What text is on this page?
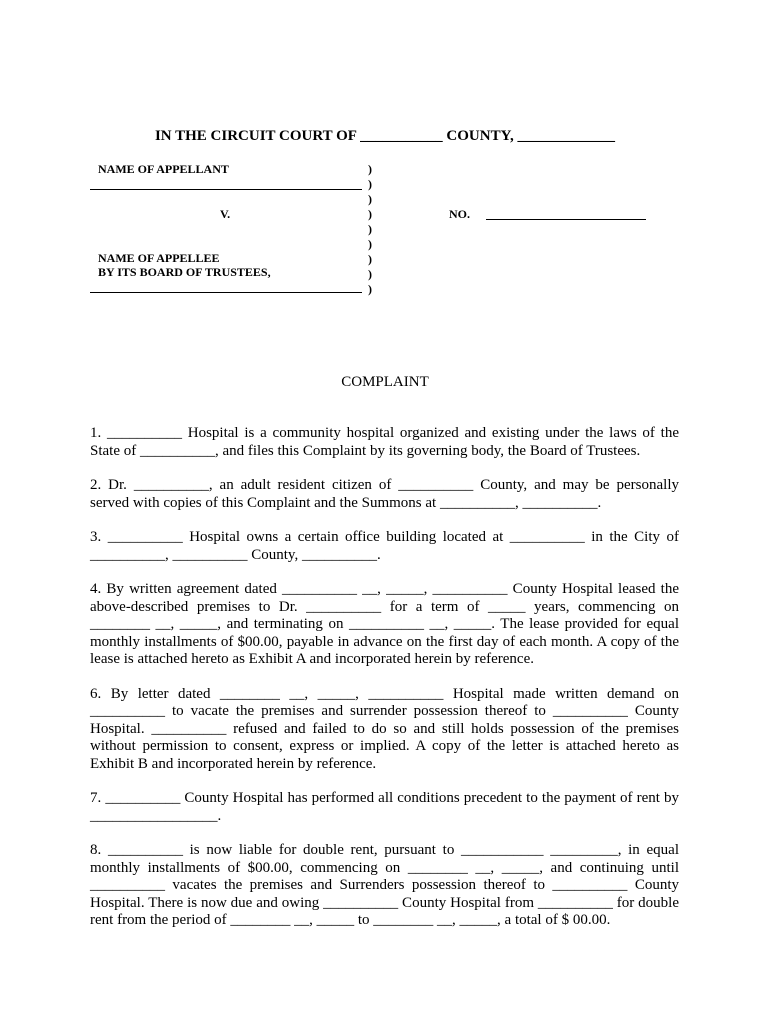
IN THE CIRCUIT COURT OF ___________ COUNTY, _____________
NAME OF APPELLANT
V.
NAME OF APPELLEE
BY ITS BOARD OF TRUSTEES,
)
)
)
)
)
)
)
)
)
NO.
COMPLAINT

1. __________ Hospital is a community hospital organized and existing under the laws of the State of __________, and files this Complaint by its governing body, the Board of Trustees.

2. Dr. __________, an adult resident citizen of __________ County, and may be personally served with copies of this Complaint and the Summons at __________, __________.

3. __________ Hospital owns a certain office building located at __________ in the City of __________, __________ County, __________.

4. By written agreement dated __________ __, _____, __________ County Hospital leased the above-described premises to Dr. __________ for a term of _____ years, commencing on ________ __, _____, and terminating on __________ __, _____. The lease provided for equal monthly installments of $00.00, payable in advance on the first day of each month. A copy of the lease is attached hereto as Exhibit A and incorporated herein by reference.

6. By letter dated ________ __, _____, __________ Hospital made written demand on __________ to vacate the premises and surrender possession thereof to __________ County Hospital. __________ refused and failed to do so and still holds possession of the premises without permission to consent, express or implied. A copy of the letter is attached hereto as Exhibit B and incorporated herein by reference.

7. __________ County Hospital has performed all conditions precedent to the payment of rent by _________________.

8. __________ is now liable for double rent, pursuant to ___________ _________, in equal monthly installments of $00.00, commencing on ________ __, _____, and continuing until __________ vacates the premises and Surrenders possession thereof to __________ County Hospital. There is now due and owing __________ County Hospital from __________ for double rent from the period of ________ __, _____ to ________ __, _____, a total of $ 00.00.
